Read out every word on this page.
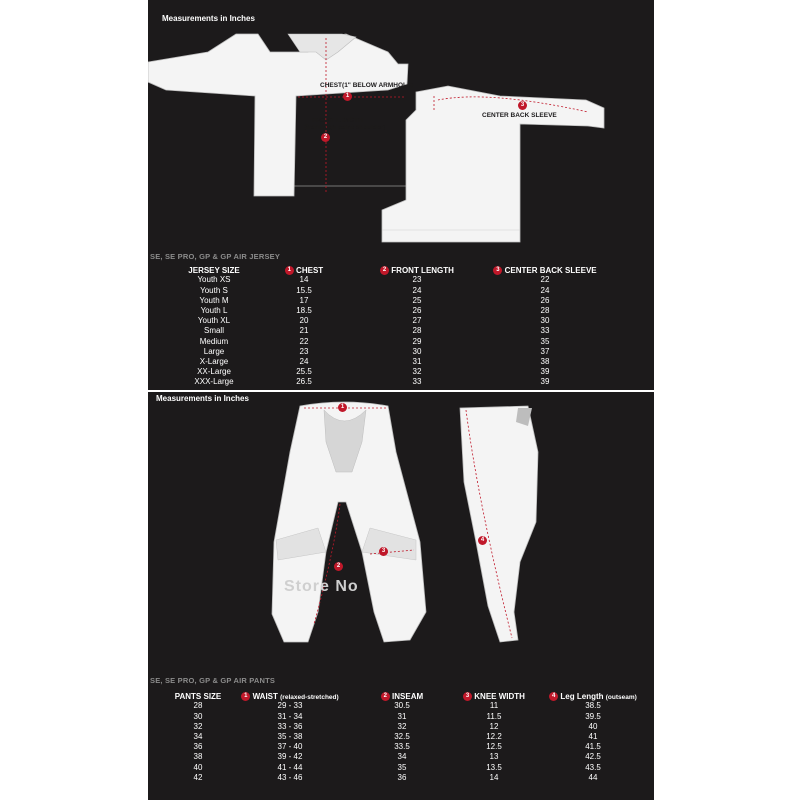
Measurements in Inches
CHEST(1" BELOW ARMHOLE)
1
FRONT LENGTH
(from high point shoulder)
2
CENTER BACK SLEEVE
3
SE, SE PRO, GP & GP AIR JERSEY
JERSEY SIZE	1 CHEST	2 FRONT LENGTH	3 CENTER BACK SLEEVE
Youth XS	14	23	22
Youth S	15.5	24	24
Youth M	17	25	26
Youth L	18.5	26	28
Youth XL	20	27	30
Small	21	28	33
Medium	22	29	35
Large	23	30	37
X-Large	24	31	38
XX-Large	25.5	32	39
XXX-Large	26.5	33	39
Measurements in Inches
1
2
3
4
Store No
SE, SE PRO, GP & GP AIR PANTS
PANTS SIZE	1 WAIST (relaxed-stretched)	2 INSEAM	3 KNEE WIDTH	4 Leg Length (outseam)
28	29 - 33	30.5	11	38.5
30	31 - 34	31	11.5	39.5
32	33 - 36	32	12	40
34	35 - 38	32.5	12.2	41
36	37 - 40	33.5	12.5	41.5
38	39 - 42	34	13	42.5
40	41 - 44	35	13.5	43.5
42	43 - 46	36	14	44
